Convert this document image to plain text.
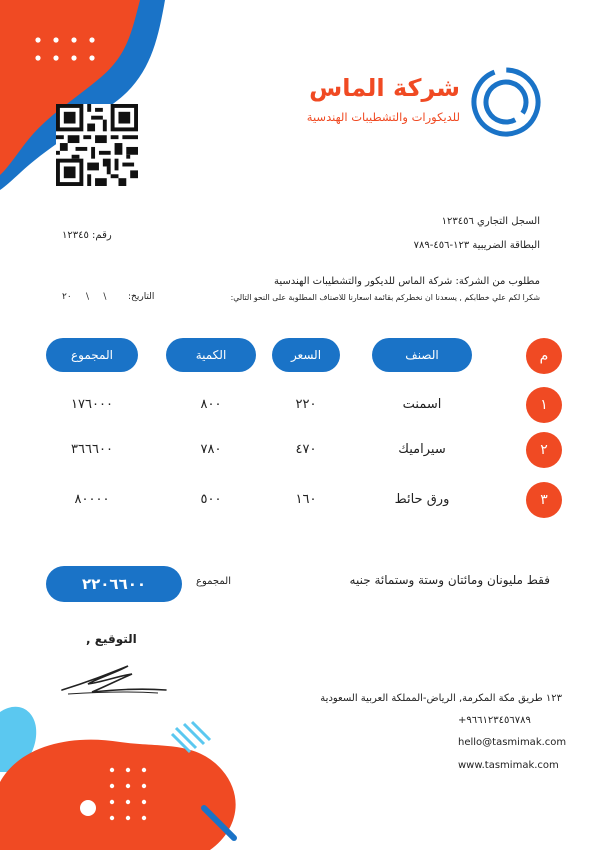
شركة الماس
للديكورات والتشطيبات الهندسية
السجل التجاري ١٢٣٤٥٦
البطاقة الضريبية ١٢٣-٤٥٦-٧٨٩
رقم: ١٢٣٤٥
مطلوب من الشركة: شركة الماس للديكور والتشطيبات الهندسية
شكرا لكم علي خطابكم , يسعدنا ان نخطركم بقائمة اسعارنا للاصناف المطلوبة على النحو التالي:
التاريخ:
٢٠     \     \
م
الصنف
السعر
الكمية
المجموع
١
اسمنت
٢٢٠
٨٠٠
١٧٦٠٠٠
٢
سيراميك
٤٧٠
٧٨٠
٣٦٦٦٠٠
٣
ورق حائط
١٦٠
٥٠٠
٨٠٠٠٠
فقط مليونان ومائتان وستة وستمائة جنيه
المجموع
٢٢٠٦٦٠٠
التوقيع ,
١٢٣ طريق مكة المكرمة, الرياض-المملكة العربية السعودية
+٩٦٦١٢٣٤٥٦٧٨٩
hello@tasmimak.com
www.tasmimak.com
